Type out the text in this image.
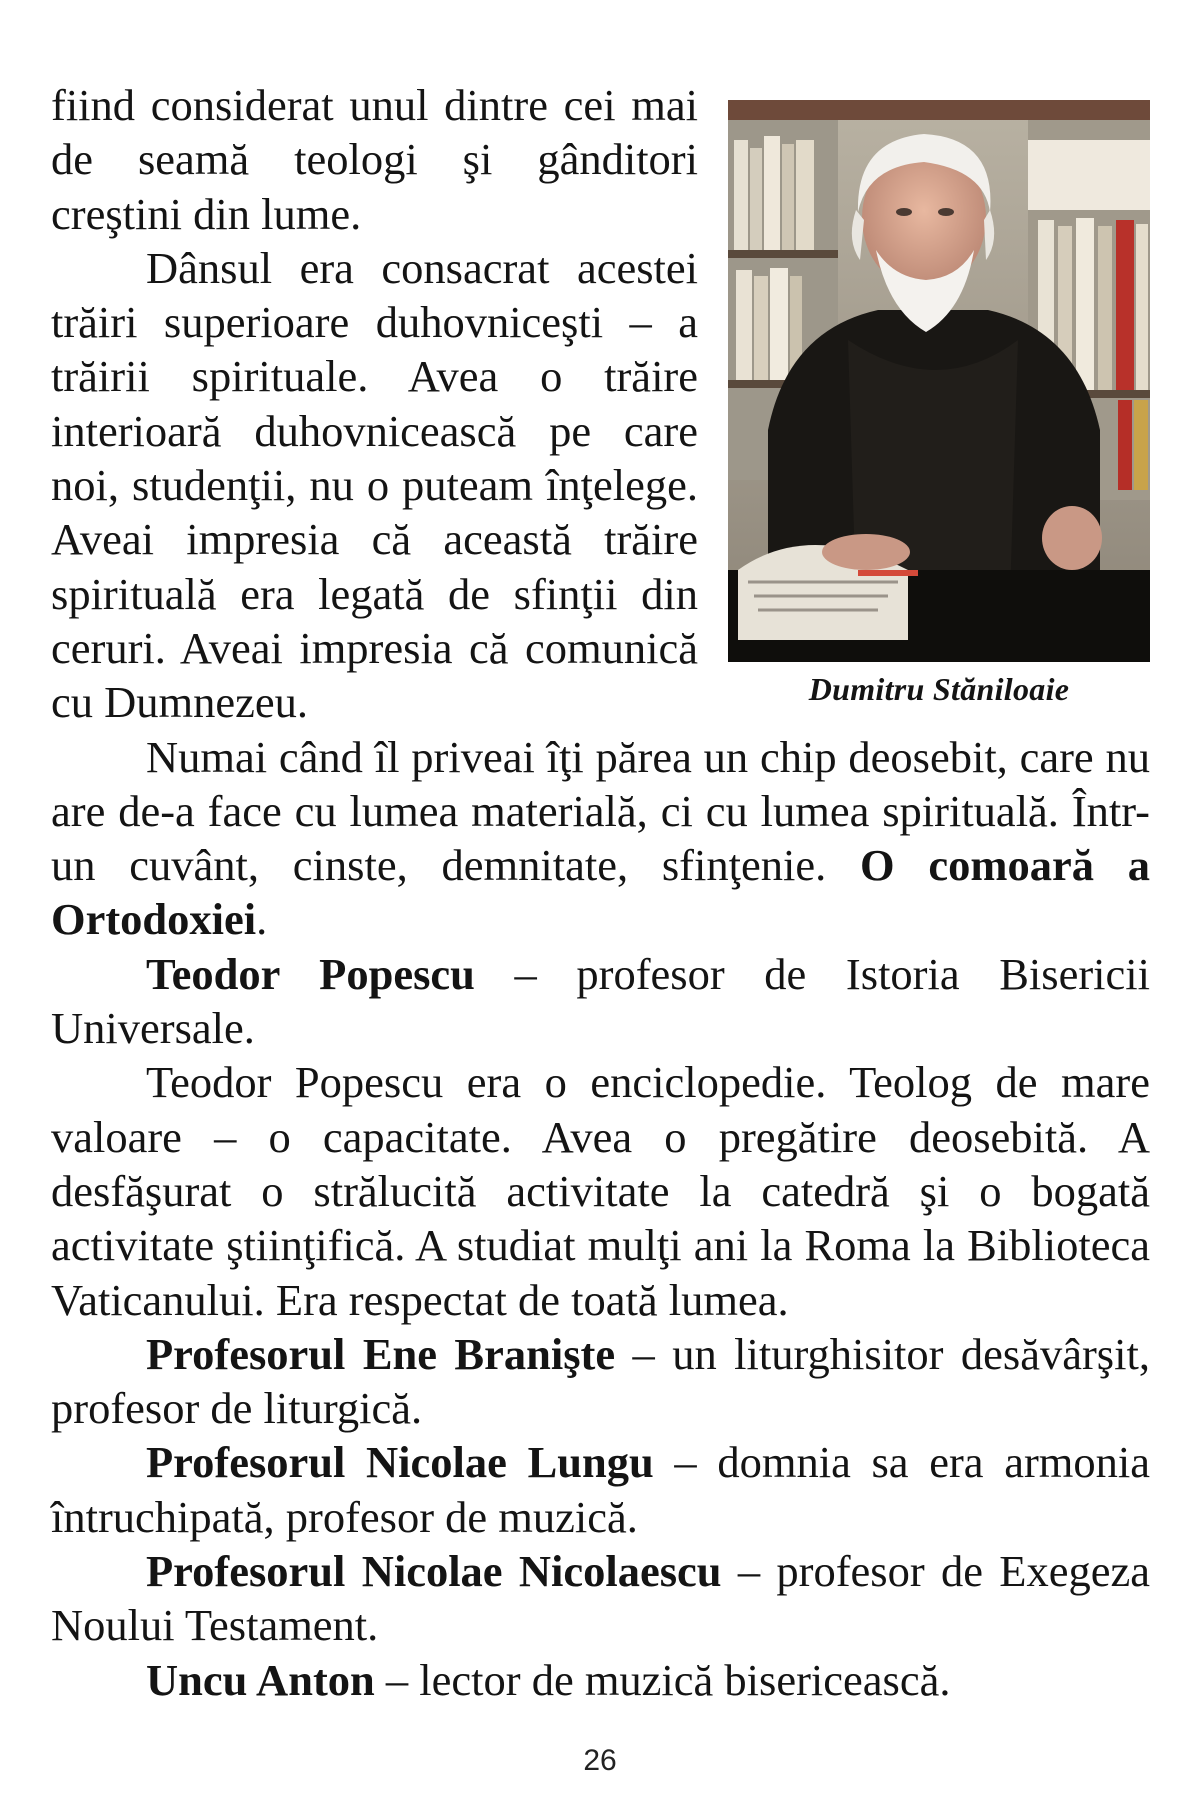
Dumitru Stăniloaie

fiind considerat unul dintre cei mai de seamă teologi şi gânditori creştini din lume.

Dânsul era consacrat acestei trăiri superioare duhovniceşti – a trăirii spirituale. Avea o trăire interioară duhovnicească pe care noi, studenţii, nu o puteam înţelege. Aveai impresia că această trăire spirituală era legată de sfinţii din ceruri. Aveai impresia că comunică cu Dumnezeu.

Numai când îl priveai îţi părea un chip deosebit, care nu are de-a face cu lumea materială, ci cu lumea spirituală. Într-un cuvânt, cinste, demnitate, sfinţenie. O comoară a Ortodoxiei.

Teodor Popescu – profesor de Istoria Bisericii Universale.

Teodor Popescu era o enciclopedie. Teolog de mare valoare – o capacitate. Avea o pregătire deosebită. A desfăşurat o strălucită activitate la catedră şi o bogată activitate ştiinţifică. A studiat mulţi ani la Roma la Biblioteca Vaticanului. Era respectat de toată lumea.

Profesorul Ene Branişte – un liturghisitor desăvârşit, profesor de liturgică.

Profesorul Nicolae Lungu – domnia sa era armonia întruchipată, profesor de muzică.

Profesorul Nicolae Nicolaescu – profesor de Exegeza Noului Testament.

Uncu Anton – lector de muzică bisericească.

26
